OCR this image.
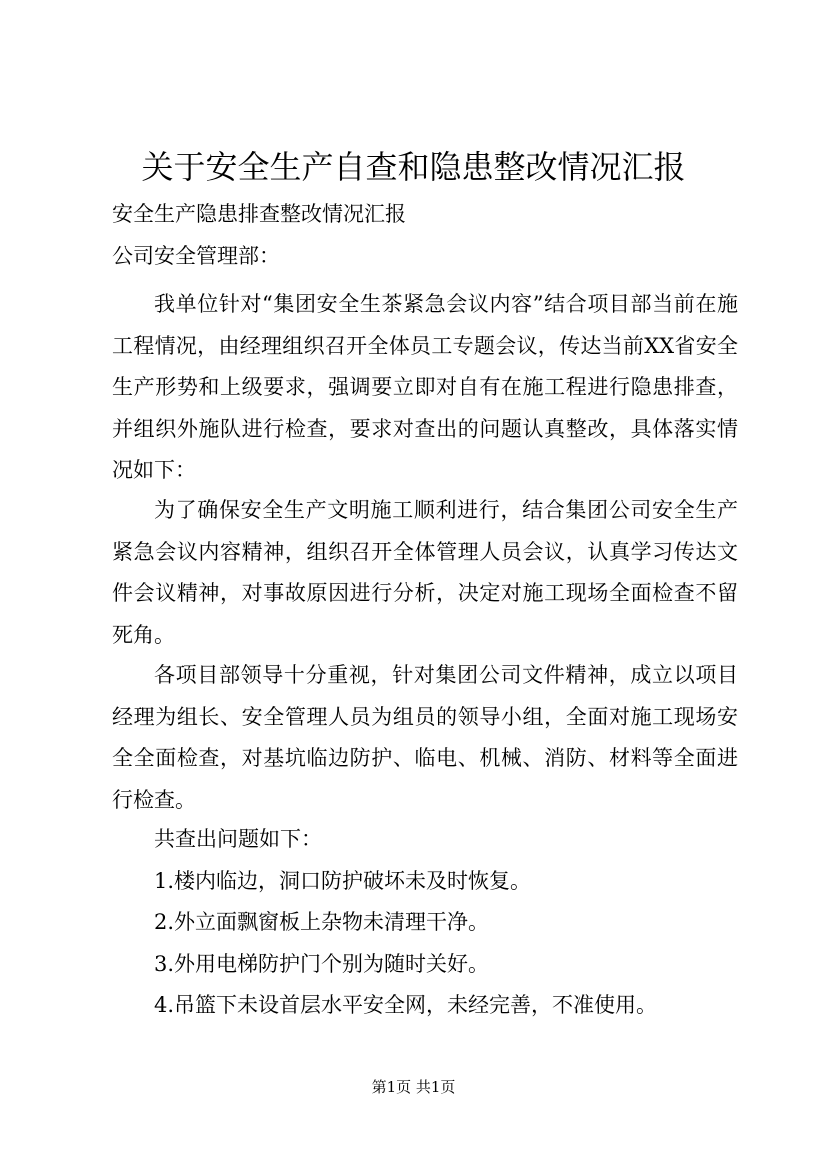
关于安全生产自查和隐患整改情况汇报

安全生产隐患排查整改情况汇报

公司安全管理部：

我单位针对“集团安全生茶紧急会议内容”结合项目部当前在施工程情况，由经理组织召开全体员工专题会议，传达当前XX省安全生产形势和上级要求，强调要立即对自有在施工程进行隐患排查，并组织外施队进行检查，要求对查出的问题认真整改，具体落实情况如下：

为了确保安全生产文明施工顺利进行，结合集团公司安全生产紧急会议内容精神，组织召开全体管理人员会议，认真学习传达文件会议精神，对事故原因进行分析，决定对施工现场全面检查不留死角。

各项目部领导十分重视，针对集团公司文件精神，成立以项目经理为组长、安全管理人员为组员的领导小组，全面对施工现场安全全面检查，对基坑临边防护、临电、机械、消防、材料等全面进行检查。

共查出问题如下：

1.楼内临边，洞口防护破坏未及时恢复。

2.外立面飘窗板上杂物未清理干净。

3.外用电梯防护门个别为随时关好。

4.吊篮下未设首层水平安全网，未经完善，不准使用。

第1页 共1页
